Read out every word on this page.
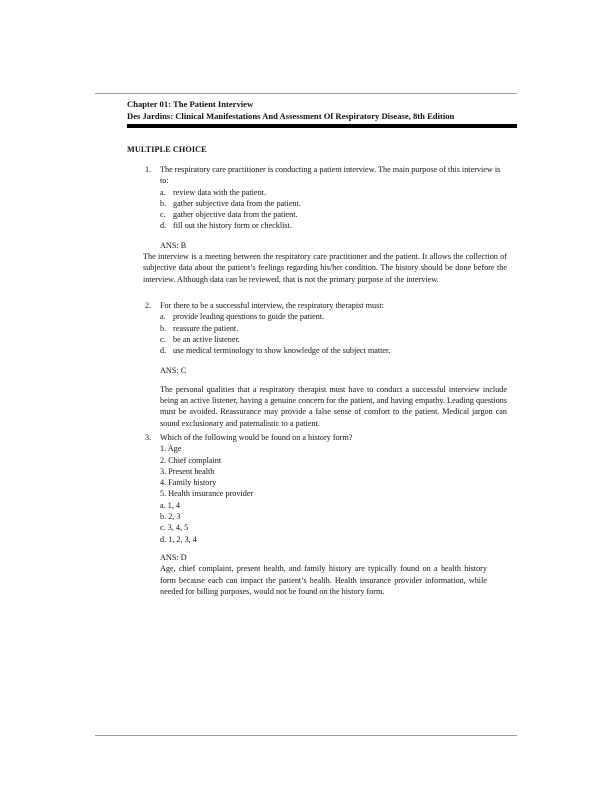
Chapter 01: The Patient Interview
Des Jardins: Clinical Manifestations And Assessment Of Respiratory Disease, 8th Edition
MULTIPLE CHOICE
1.	The respiratory care practitioner is conducting a patient interview. The main purpose of this interview is to:
a. review data with the patient.
b. gather subjective data from the patient.
c. gather objective data from the patient.
d. fill out the history form or checklist.
ANS: B
The interview is a meeting between the respiratory care practitioner and the patient. It allows the collection of subjective data about the patient’s feelings regarding his/her condition. The history should be done before the interview. Although data can be reviewed, that is not the primary purpose of the interview.
2.	For there to be a successful interview, the respiratory therapist must:
a. provide leading questions to guide the patient.
b. reassure the patient.
c. be an active listener.
d. use medical terminology to show knowledge of the subject matter.
ANS: C
The personal qualities that a respiratory therapist must have to conduct a successful interview include being an active listener, having a genuine concern for the patient, and having empathy. Leading questions must be avoided. Reassurance may provide a false sense of comfort to the patient. Medical jargon can sound exclusionary and paternalistic to a patient.
3.	Which of the following would be found on a history form?
1. Age
2. Chief complaint
3. Present health
4. Family history
5. Health insurance provider
a. 1, 4
b. 2, 3
c. 3, 4, 5
d. 1, 2, 3, 4
ANS: D
Age, chief complaint, present health, and family history are typically found on a health history form because each can impact the patient’s health. Health insurance provider information, while needed for billing purposes, would not be found on the history form.
